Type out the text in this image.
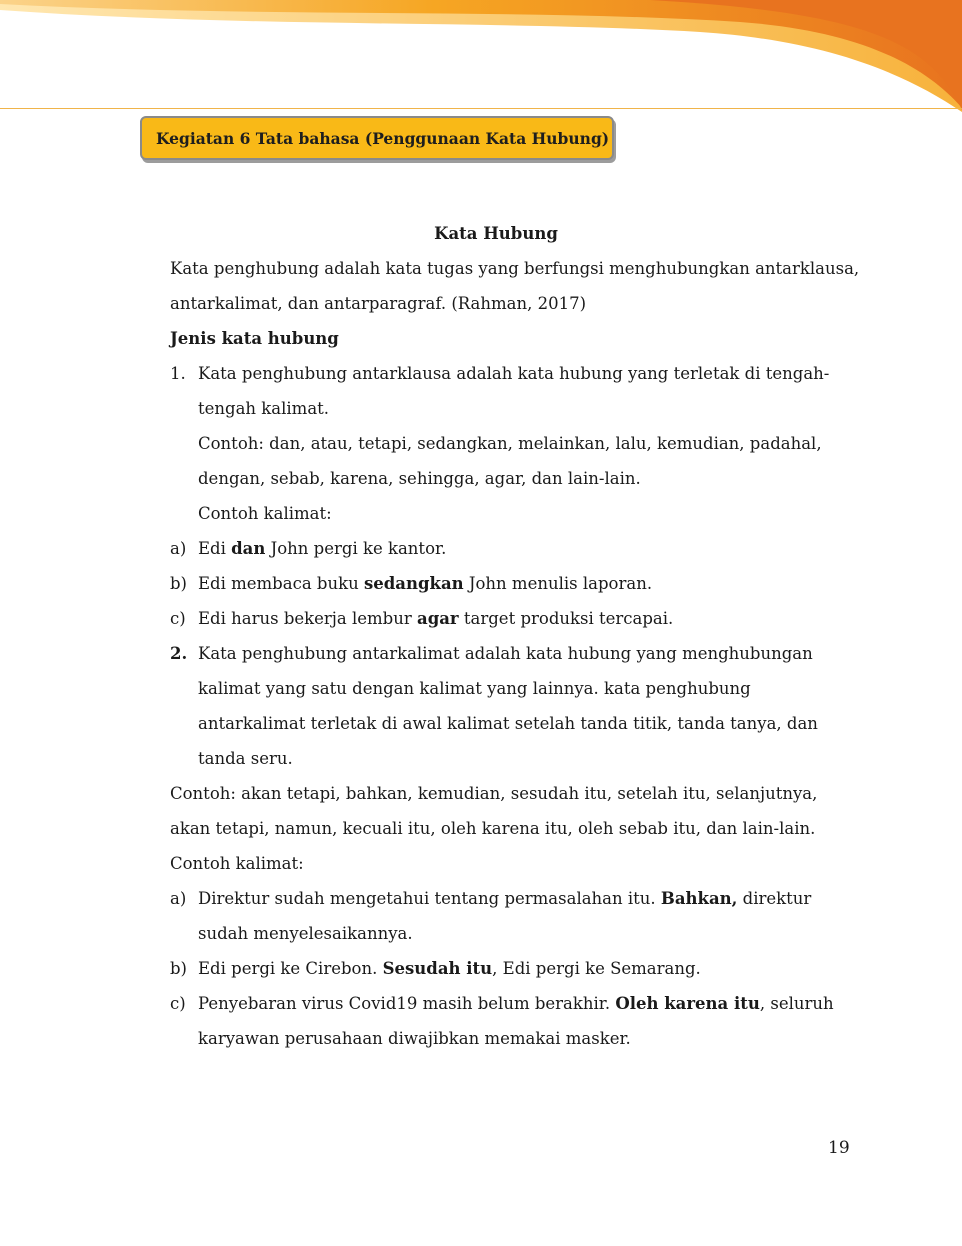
Kegiatan 6 Tata bahasa (Penggunaan Kata Hubung)
Kata Hubung
Kata penghubung adalah kata tugas yang berfungsi menghubungkan antarklausa,
antarkalimat, dan antarparagraf. (Rahman, 2017)
Jenis kata hubung
1. Kata penghubung antarklausa adalah kata hubung yang terletak di tengah-
tengah kalimat.
Contoh: dan, atau, tetapi, sedangkan, melainkan, lalu, kemudian, padahal,
dengan, sebab, karena, sehingga, agar, dan lain-lain.
Contoh kalimat:
a) Edi dan John pergi ke kantor.
b) Edi membaca buku sedangkan John menulis laporan.
c) Edi harus bekerja lembur agar target produksi tercapai.
2. Kata penghubung antarkalimat adalah kata hubung yang menghubungan
kalimat yang satu dengan kalimat yang lainnya. kata penghubung
antarkalimat terletak di awal kalimat setelah tanda titik, tanda tanya, dan
tanda seru.
Contoh: akan tetapi, bahkan, kemudian, sesudah itu, setelah itu, selanjutnya,
akan tetapi, namun, kecuali itu, oleh karena itu, oleh sebab itu, dan lain-lain.
Contoh kalimat:
a) Direktur sudah mengetahui tentang permasalahan itu. Bahkan, direktur
sudah menyelesaikannya.
b) Edi pergi ke Cirebon. Sesudah itu, Edi pergi ke Semarang.
c) Penyebaran virus Covid19 masih belum berakhir. Oleh karena itu, seluruh
karyawan perusahaan diwajibkan memakai masker.
19
